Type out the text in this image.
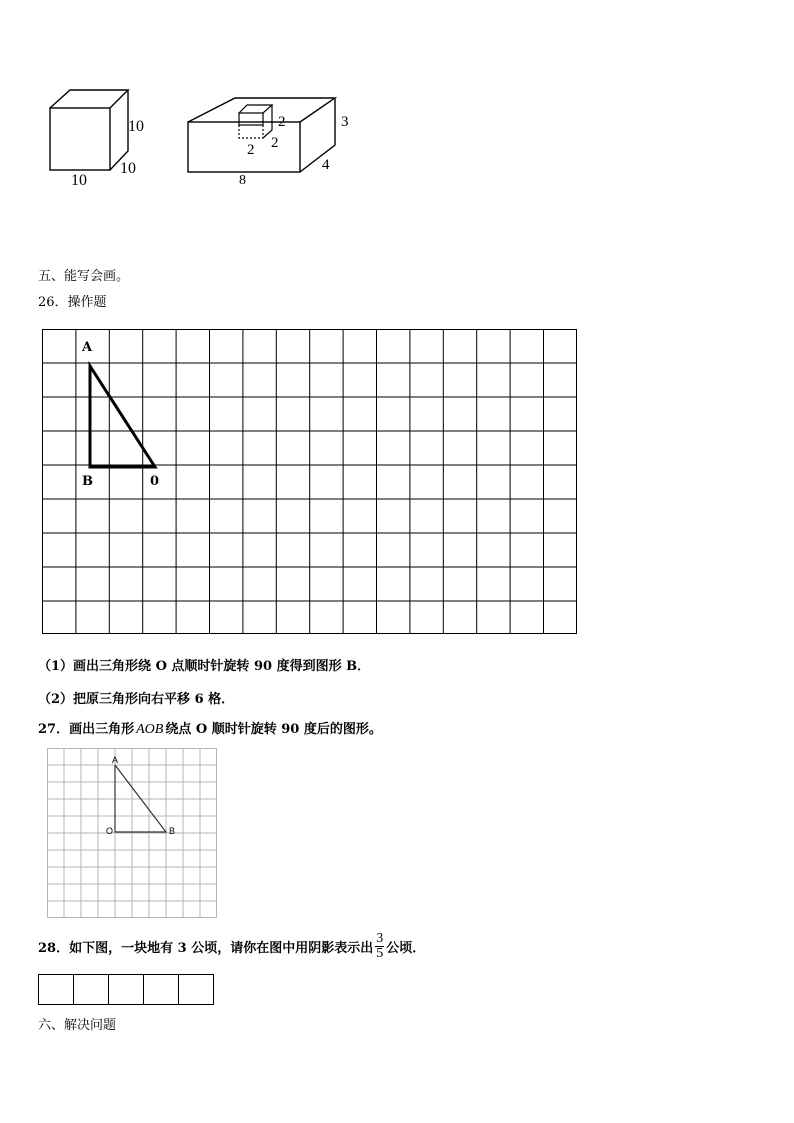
10
10
10
3
4
8
2
2
2
五、能写会画。
26．操作题
A
B	0
（1）画出三角形绕 O 点顺时针旋转 90 度得到图形 B．
（2）把原三角形向右平移 6 格．
27．画出三角形 AOB 绕点 O 顺时针旋转 90 度后的图形。
A
O	B
28．如下图，一块地有 3 公顷，请你在图中用阴影表示出 $\frac{3}{5}$ 公顷．
六、解决问题
